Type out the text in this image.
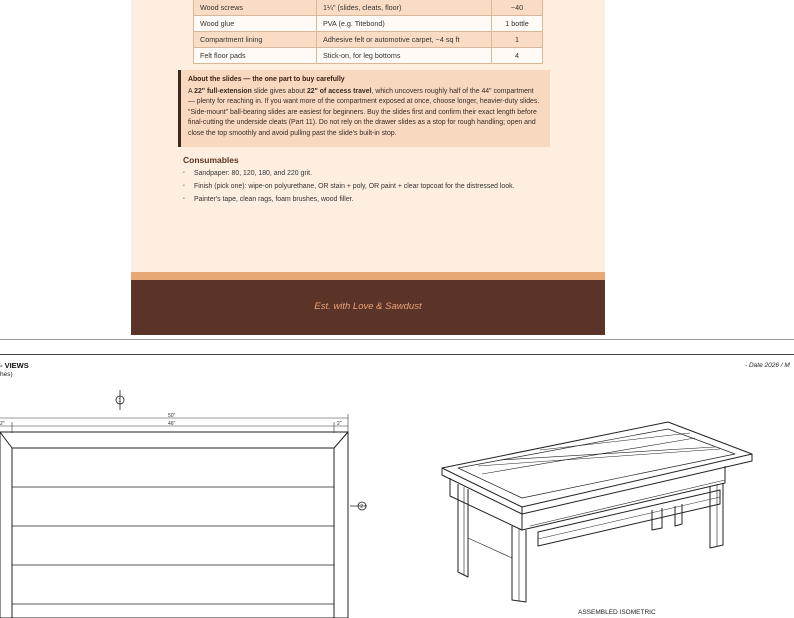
Wood screws	1¼" (slides, cleats, floor)	~40
Wood glue	PVA (e.g. Titebond)	1 bottle
Compartment lining	Adhesive felt or automotive carpet, ~4 sq ft	1
Felt floor pads	Stick-on, for leg bottoms	4
About the slides — the one part to buy carefully
A 22" full-extension slide gives about 22" of access travel, which uncovers roughly half of the 44" compartment — plenty for reaching in. If you want more of the compartment exposed at once, choose longer, heavier-duty slides. "Side-mount" ball-bearing slides are easiest for beginners. Buy the slides first and confirm their exact length before final-cutting the underside cleats (Part 11). Do not rely on the drawer slides as a stop for rough handling; open and close the top smoothly and avoid pulling past the slide's built-in stop.
Consumables
• Sandpaper: 80, 120, 180, and 220 grit.
• Finish (pick one): wipe-on polyurethane, OR stain + poly, OR paint + clear topcoat for the distressed look.
• Painter's tape, clean rags, foam brushes, wood filler.
Est. with Love & Sawdust
- VIEWS
hes)
- Date 2026 / M
1
50"
46"
2"	2"
2
ASSEMBLED ISOMETRIC
